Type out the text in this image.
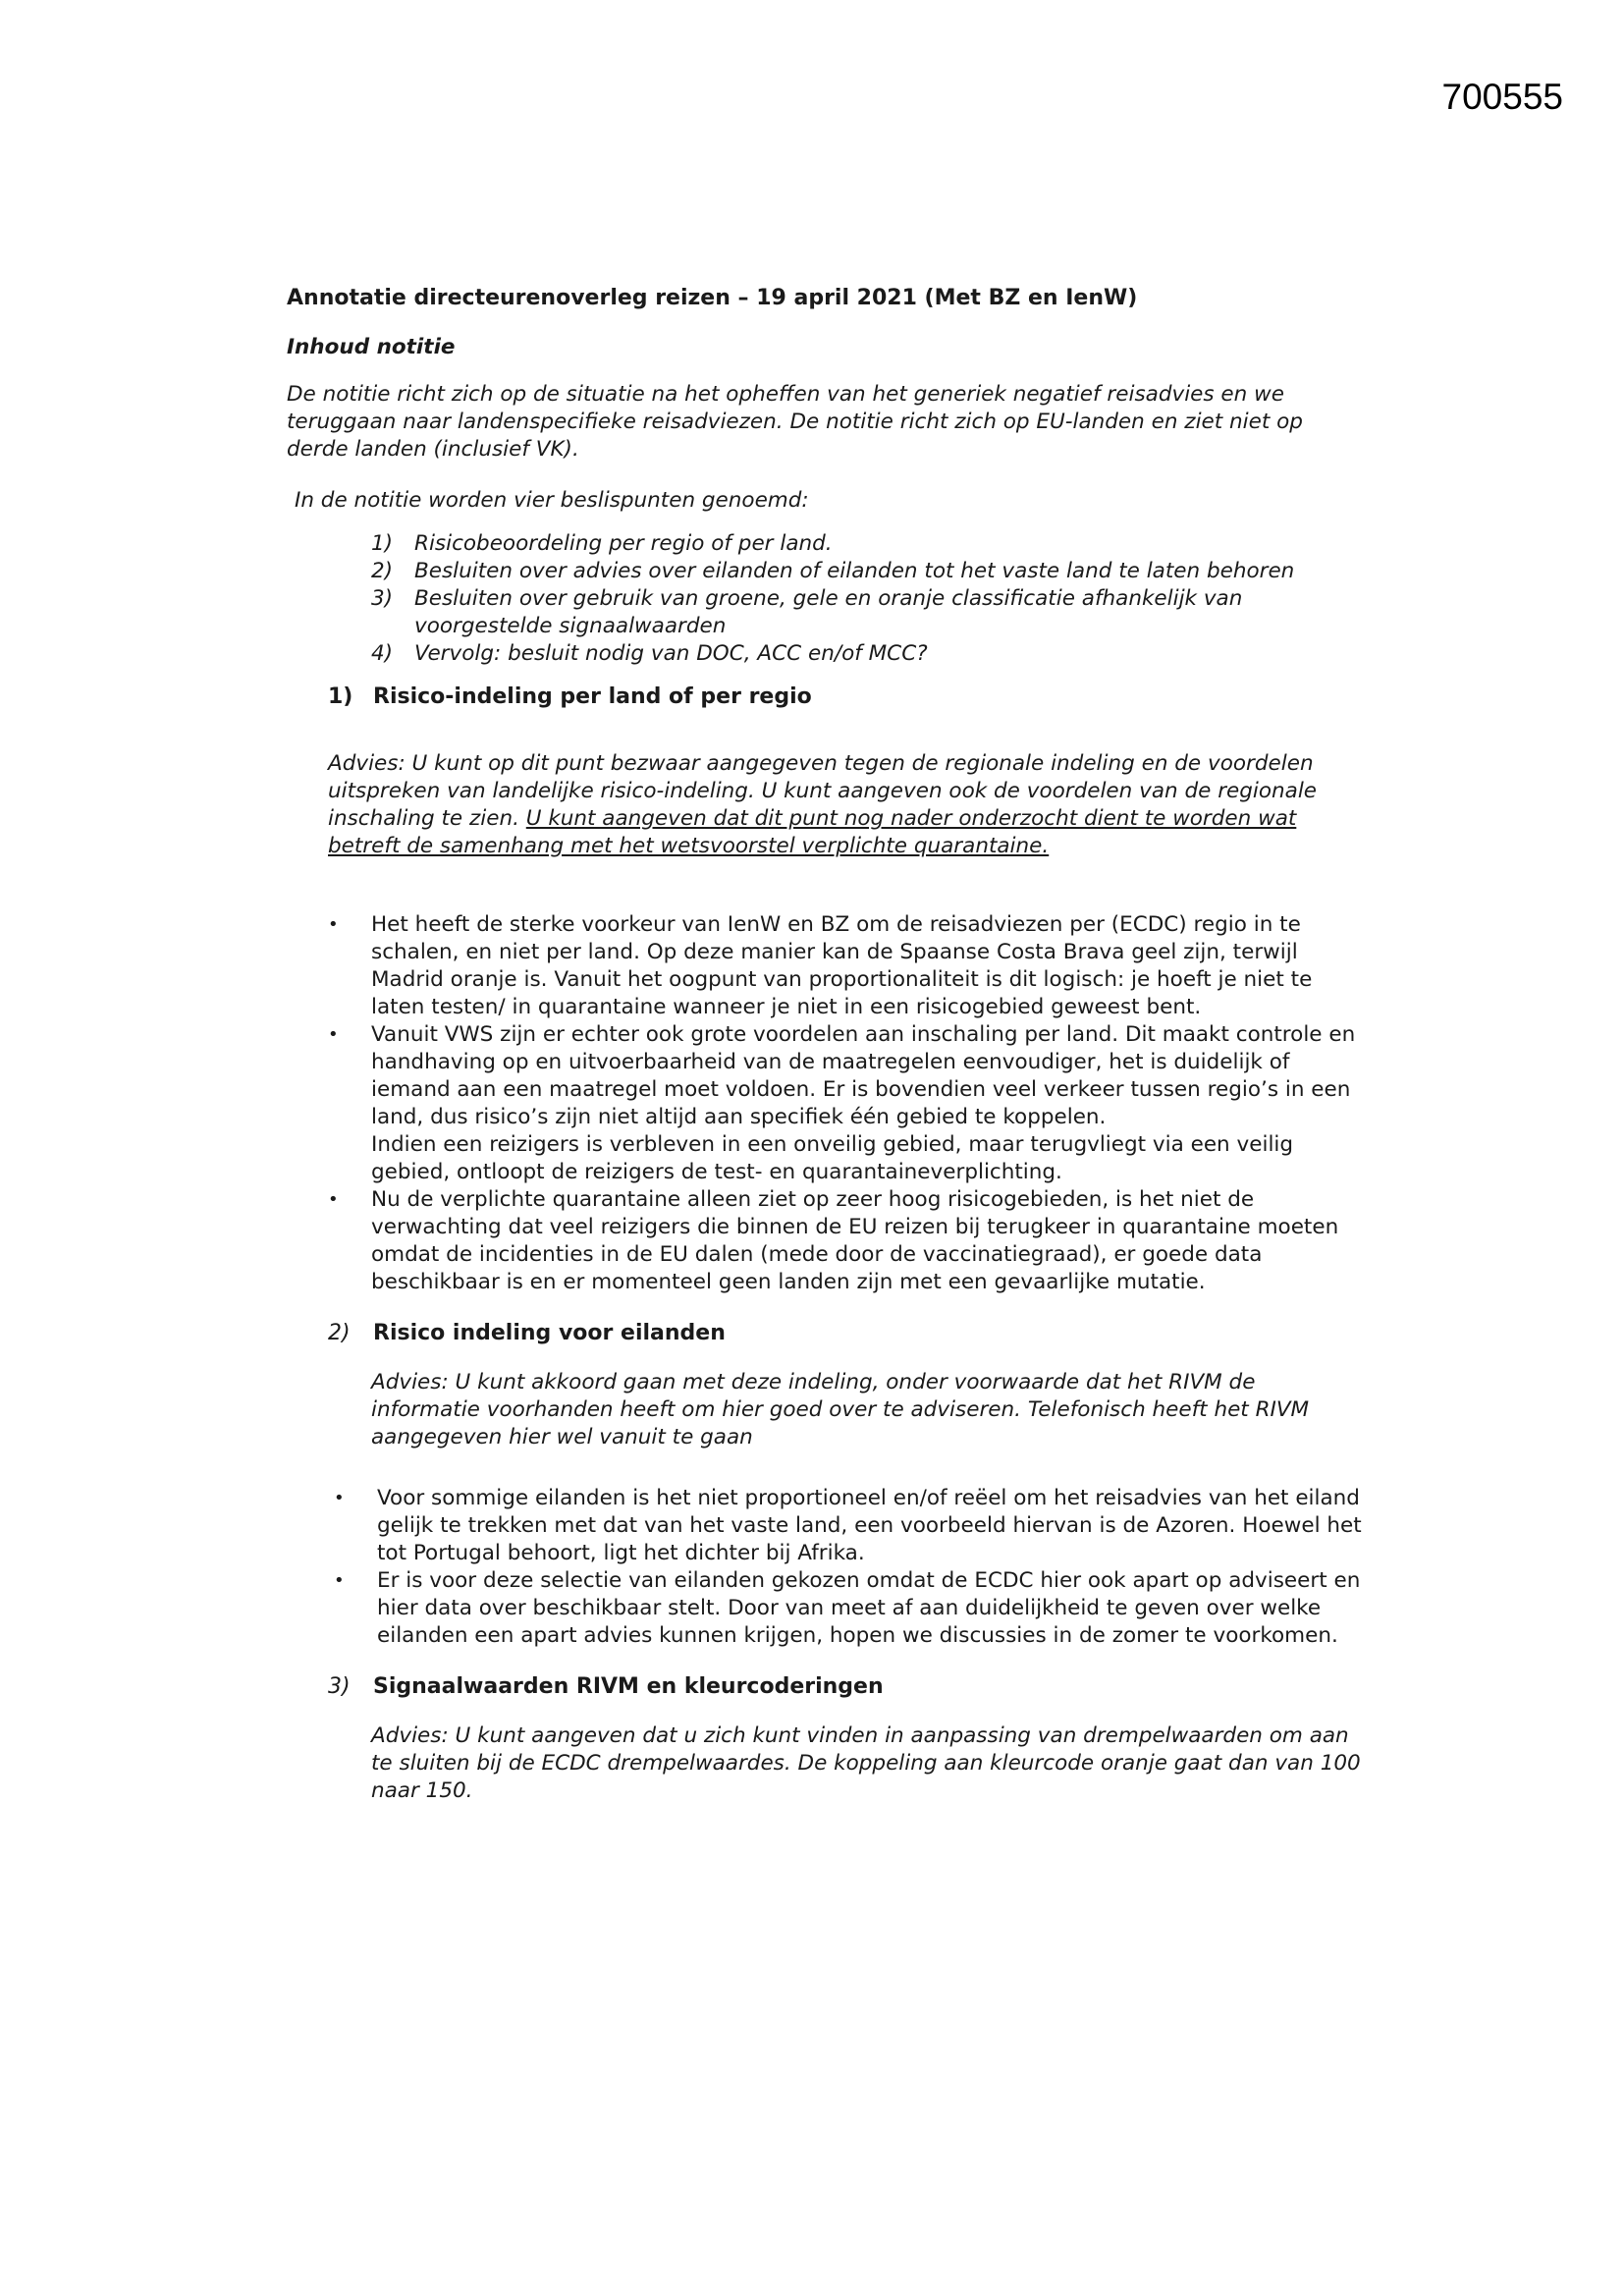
700555
Annotatie directeurenoverleg reizen – 19 april 2021 (Met BZ en IenW)
Inhoud notitie
De notitie richt zich op de situatie na het opheffen van het generiek negatief reisadvies en we teruggaan naar landenspecifieke reisadviezen. De notitie richt zich op EU-landen en ziet niet op derde landen (inclusief VK).
In de notitie worden vier beslispunten genoemd:
1)	Risicobeoordeling per regio of per land.
2)	Besluiten over advies over eilanden of eilanden tot het vaste land te laten behoren
3)	Besluiten over gebruik van groene, gele en oranje classificatie afhankelijk van voorgestelde signaalwaarden
4)	Vervolg: besluit nodig van DOC, ACC en/of MCC?
1) Risico-indeling per land of per regio
Advies: U kunt op dit punt bezwaar aangegeven tegen de regionale indeling en de voordelen uitspreken van landelijke risico-indeling. U kunt aangeven ook de voordelen van de regionale inschaling te zien. U kunt aangeven dat dit punt nog nader onderzocht dient te worden wat betreft de samenhang met het wetsvoorstel verplichte quarantaine.
•	Het heeft de sterke voorkeur van IenW en BZ om de reisadviezen per (ECDC) regio in te schalen, en niet per land. Op deze manier kan de Spaanse Costa Brava geel zijn, terwijl Madrid oranje is. Vanuit het oogpunt van proportionaliteit is dit logisch: je hoeft je niet te laten testen/ in quarantaine wanneer je niet in een risicogebied geweest bent.
•	Vanuit VWS zijn er echter ook grote voordelen aan inschaling per land. Dit maakt controle en handhaving op en uitvoerbaarheid van de maatregelen eenvoudiger, het is duidelijk of iemand aan een maatregel moet voldoen. Er is bovendien veel verkeer tussen regio’s in een land, dus risico’s zijn niet altijd aan specifiek één gebied te koppelen.
Indien een reizigers is verbleven in een onveilig gebied, maar terugvliegt via een veilig gebied, ontloopt de reizigers de test- en quarantaineverplichting.
•	Nu de verplichte quarantaine alleen ziet op zeer hoog risicogebieden, is het niet de verwachting dat veel reizigers die binnen de EU reizen bij terugkeer in quarantaine moeten omdat de incidenties in de EU dalen (mede door de vaccinatiegraad), er goede data beschikbaar is en er momenteel geen landen zijn met een gevaarlijke mutatie.
2)	Risico indeling voor eilanden
Advies: U kunt akkoord gaan met deze indeling, onder voorwaarde dat het RIVM de informatie voorhanden heeft om hier goed over te adviseren. Telefonisch heeft het RIVM aangegeven hier wel vanuit te gaan
•	Voor sommige eilanden is het niet proportioneel en/of reëel om het reisadvies van het eiland gelijk te trekken met dat van het vaste land, een voorbeeld hiervan is de Azoren. Hoewel het tot Portugal behoort, ligt het dichter bij Afrika.
•	Er is voor deze selectie van eilanden gekozen omdat de ECDC hier ook apart op adviseert en hier data over beschikbaar stelt. Door van meet af aan duidelijkheid te geven over welke eilanden een apart advies kunnen krijgen, hopen we discussies in de zomer te voorkomen.
3)	Signaalwaarden RIVM en kleurcoderingen
Advies: U kunt aangeven dat u zich kunt vinden in aanpassing van drempelwaarden om aan te sluiten bij de ECDC drempelwaardes. De koppeling aan kleurcode oranje gaat dan van 100 naar 150.
